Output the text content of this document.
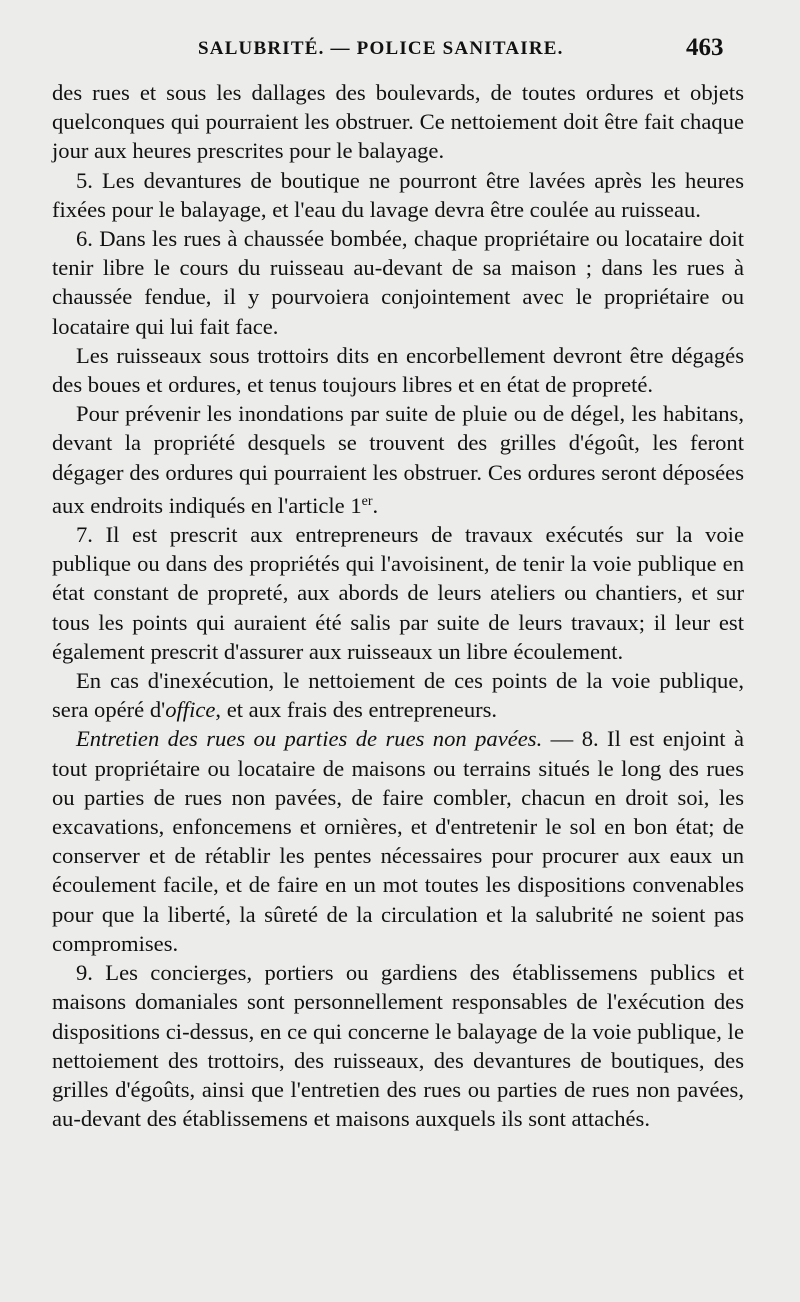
SALUBRITÉ. — POLICE SANITAIRE.	463

des rues et sous les dallages des boulevards, de toutes ordures et objets quelconques qui pourraient les obstruer. Ce nettoiement doit être fait chaque jour aux heures prescrites pour le balayage.

5. Les devantures de boutique ne pourront être lavées après les heures fixées pour le balayage, et l'eau du lavage devra être coulée au ruisseau.

6. Dans les rues à chaussée bombée, chaque propriétaire ou locataire doit tenir libre le cours du ruisseau au-devant de sa maison ; dans les rues à chaussée fendue, il y pourvoiera conjointement avec le propriétaire ou locataire qui lui fait face.

Les ruisseaux sous trottoirs dits en encorbellement devront être dégagés des boues et ordures, et tenus toujours libres et en état de propreté.

Pour prévenir les inondations par suite de pluie ou de dégel, les habitans, devant la propriété desquels se trouvent des grilles d'égoût, les feront dégager des ordures qui pourraient les obstruer. Ces ordures seront déposées aux endroits indiqués en l'article 1er.

7. Il est prescrit aux entrepreneurs de travaux exécutés sur la voie publique ou dans des propriétés qui l'avoisinent, de tenir la voie publique en état constant de propreté, aux abords de leurs ateliers ou chantiers, et sur tous les points qui auraient été salis par suite de leurs travaux; il leur est également prescrit d'assurer aux ruisseaux un libre écoulement.

En cas d'inexécution, le nettoiement de ces points de la voie publique, sera opéré d'office, et aux frais des entrepreneurs.

Entretien des rues ou parties de rues non pavées. — 8. Il est enjoint à tout propriétaire ou locataire de maisons ou terrains situés le long des rues ou parties de rues non pavées, de faire combler, chacun en droit soi, les excavations, enfoncemens et ornières, et d'entretenir le sol en bon état; de conserver et de rétablir les pentes nécessaires pour procurer aux eaux un écoulement facile, et de faire en un mot toutes les dispositions convenables pour que la liberté, la sûreté de la circulation et la salubrité ne soient pas compromises.

9. Les concierges, portiers ou gardiens des établissemens publics et maisons domaniales sont personnellement responsables de l'exécution des dispositions ci-dessus, en ce qui concerne le balayage de la voie publique, le nettoiement des trottoirs, des ruisseaux, des devantures de boutiques, des grilles d'égoûts, ainsi que l'entretien des rues ou parties de rues non pavées, au-devant des établissemens et maisons auxquels ils sont attachés.
